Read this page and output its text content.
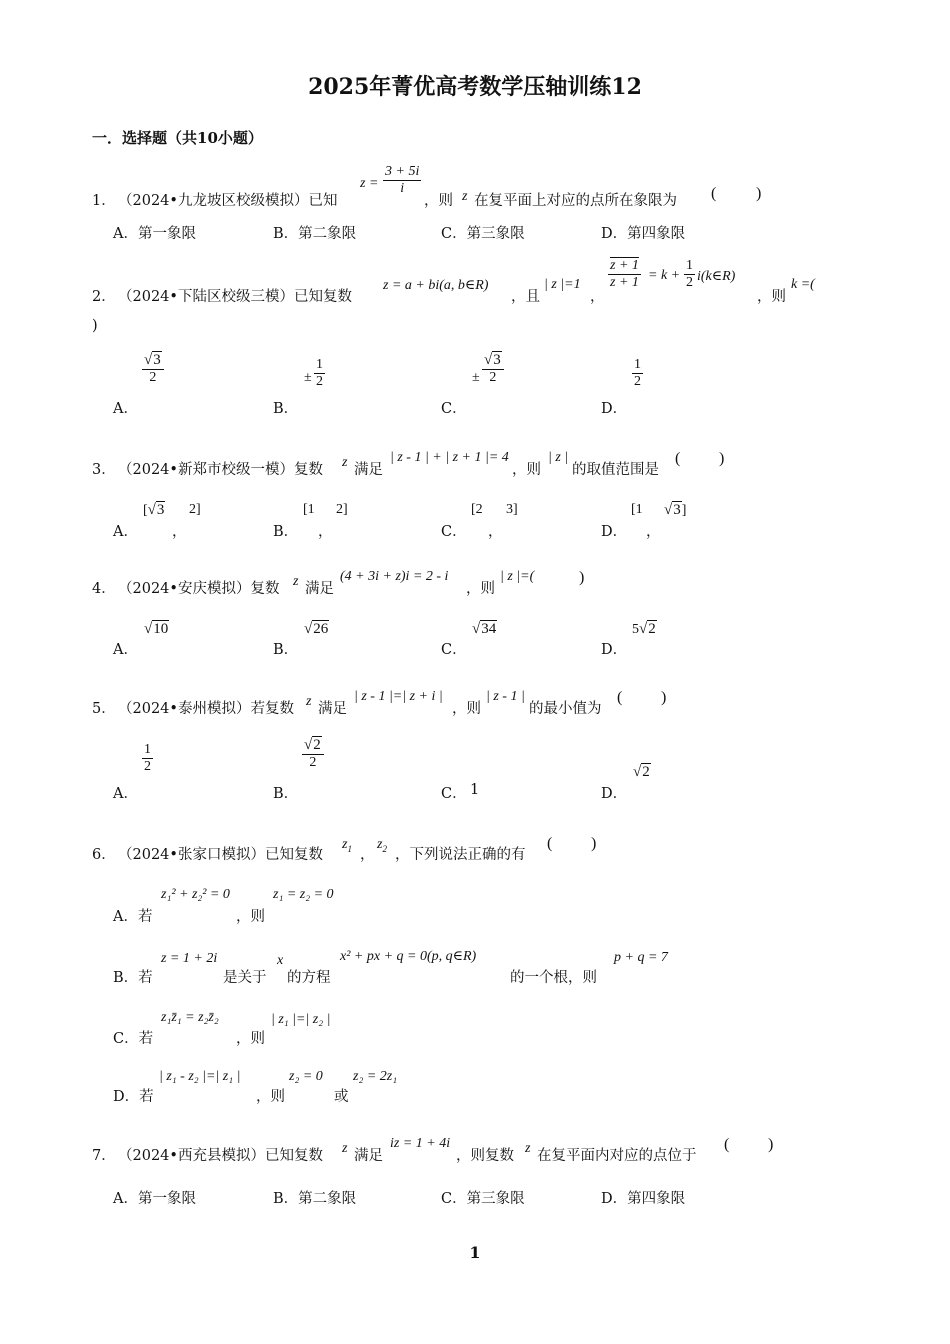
2025年菁优高考数学压轴训练12
一．选择题（共10小题）
1． （2024•九龙坡区校级模拟）已知
z =
3 + 5i
i
，则 z 在复平面上对应的点所在象限为 ( )
A．第一象限	B．第二象限	C．第三象限	D．第四象限
2． （2024•下陆区校级三模）已知复数
z = a + bi(a, b∈R)
，且
| z |=1
，
z + 1
z + 1 = k +
1
2 i(k∈R)
，则
k =(
)
A．
√3
2
B．
±
1
2
C．
±
√3
2
D．
1
2
3． （2024•新郑市校级一模）复数 z 满足
| z - 1 | + | z + 1 |= 4
，则
| z |
的取值范围是
( )
A．
[√3
，
2]
B．
[1
，
2]
C．
[2
，
3]
D．
[1
，
√3]
4． （2024•安庆模拟）复数 z 满足
(4 + 3i + z)i = 2 - i
，则
| z |=(	)
A．
√10
B．
√26
C．
√34
D．
5√2
5． （2024•泰州模拟）若复数 z 满足
| z - 1 |=| z + i |
，则
| z - 1 |
的最小值为
( )
A．
1
2
B．
√2
2
C． 1	D．
√2
6． （2024•张家口模拟）已知复数
$z_1$ ，
$z_2$ ，下列说法正确的有
( )
A．若
z₁² + z₂² = 0
，则
z₁ = z₂ = 0
B．若
z = 1 + 2i
是关于
x
的方程
x² + px + q = 0(p, q∈R)
的一个根，则
p + q = 7
C．若
z₁z̄₁ = z₂z̄₂
，则
| z₁ |=| z₂ |
D．若
| z₁ - z₂ |=| z₁ |
，则
z₂ = 0
或
z₂ = 2z₁
7． （2024•西充县模拟）已知复数 z 满足
iz = 1 + 4i
，则复数 z 在复平面内对应的点位于
( )
A．第一象限	B．第二象限	C．第三象限	D．第四象限
1
